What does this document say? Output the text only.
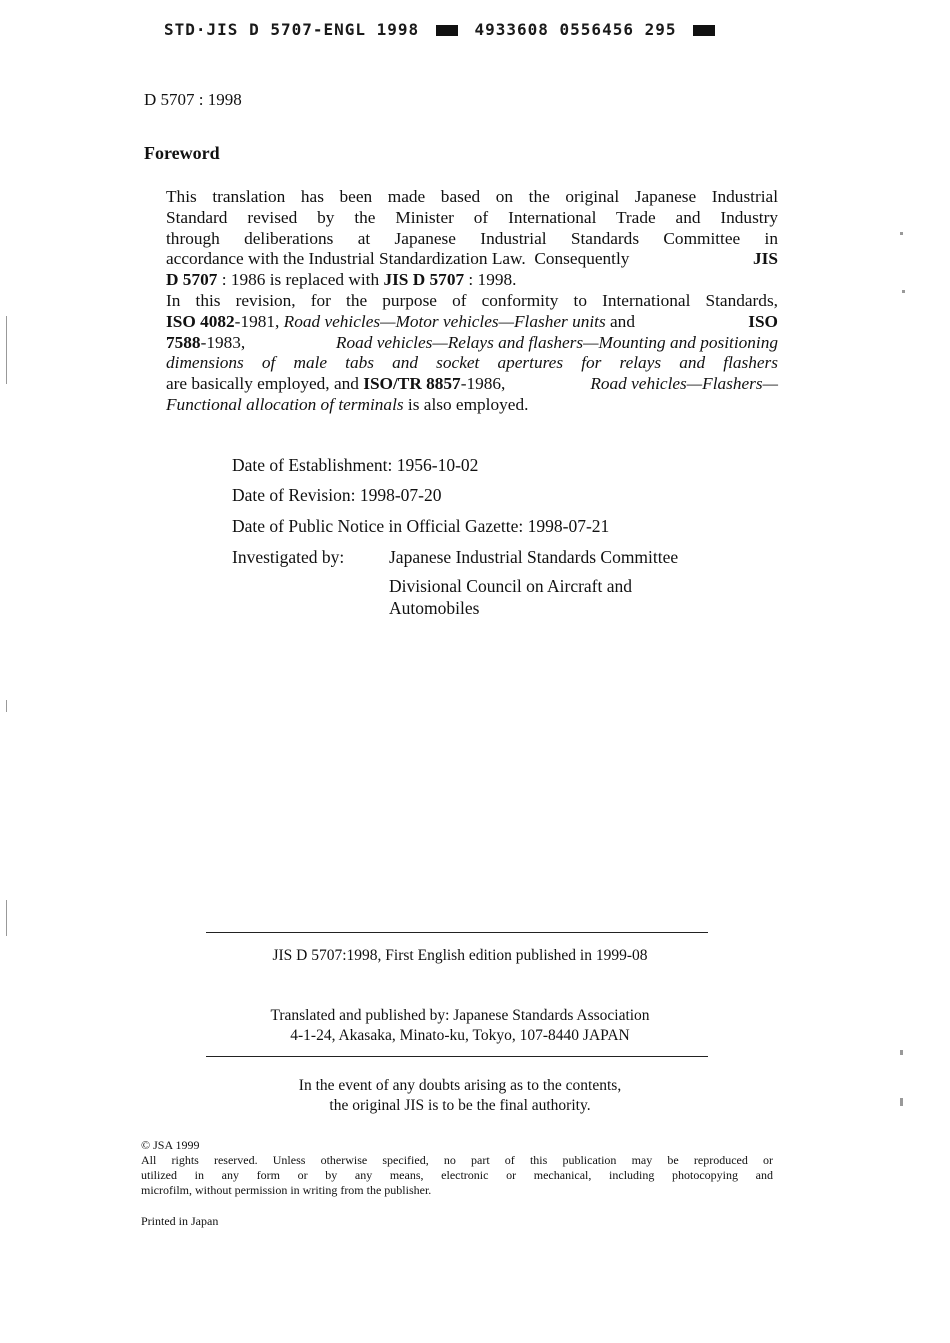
STD·JIS D 5707-ENGL 1998	4933608 0556456 295
D 5707 : 1998
Foreword
This translation has been made based on the original Japanese Industrial
Standard revised by the Minister of International Trade and Industry
through deliberations at Japanese Industrial Standards Committee in
accordance with the Industrial Standardization Law.  Consequently	JIS
D 5707 : 1986 is replaced with JIS D 5707 : 1998.
In this revision, for the purpose of conformity to International Standards,
ISO 4082-1981, Road vehicles—Motor vehicles—Flasher units and	ISO
7588-1983,	Road vehicles—Relays and flashers—Mounting and positioning
dimensions of male tabs and socket apertures for relays and flashers
are basically employed, and ISO/TR 8857-1986,	Road vehicles—Flashers—
Functional allocation of terminals is also employed.
Date of Establishment: 1956-10-02
Date of Revision: 1998-07-20
Date of Public Notice in Official Gazette: 1998-07-21
Investigated by:	Japanese Industrial Standards Committee
Divisional Council on Aircraft and
Automobiles
JIS D 5707:1998, First English edition published in 1999-08
Translated and published by: Japanese Standards Association
4-1-24, Akasaka, Minato-ku, Tokyo, 107-8440 JAPAN
In the event of any doubts arising as to the contents,
the original JIS is to be the final authority.
© JSA 1999
All rights reserved. Unless otherwise specified, no part of this publication may be reproduced or
utilized in any form or by any means, electronic or mechanical, including photocopying and
microfilm, without permission in writing from the publisher.
Printed in Japan
